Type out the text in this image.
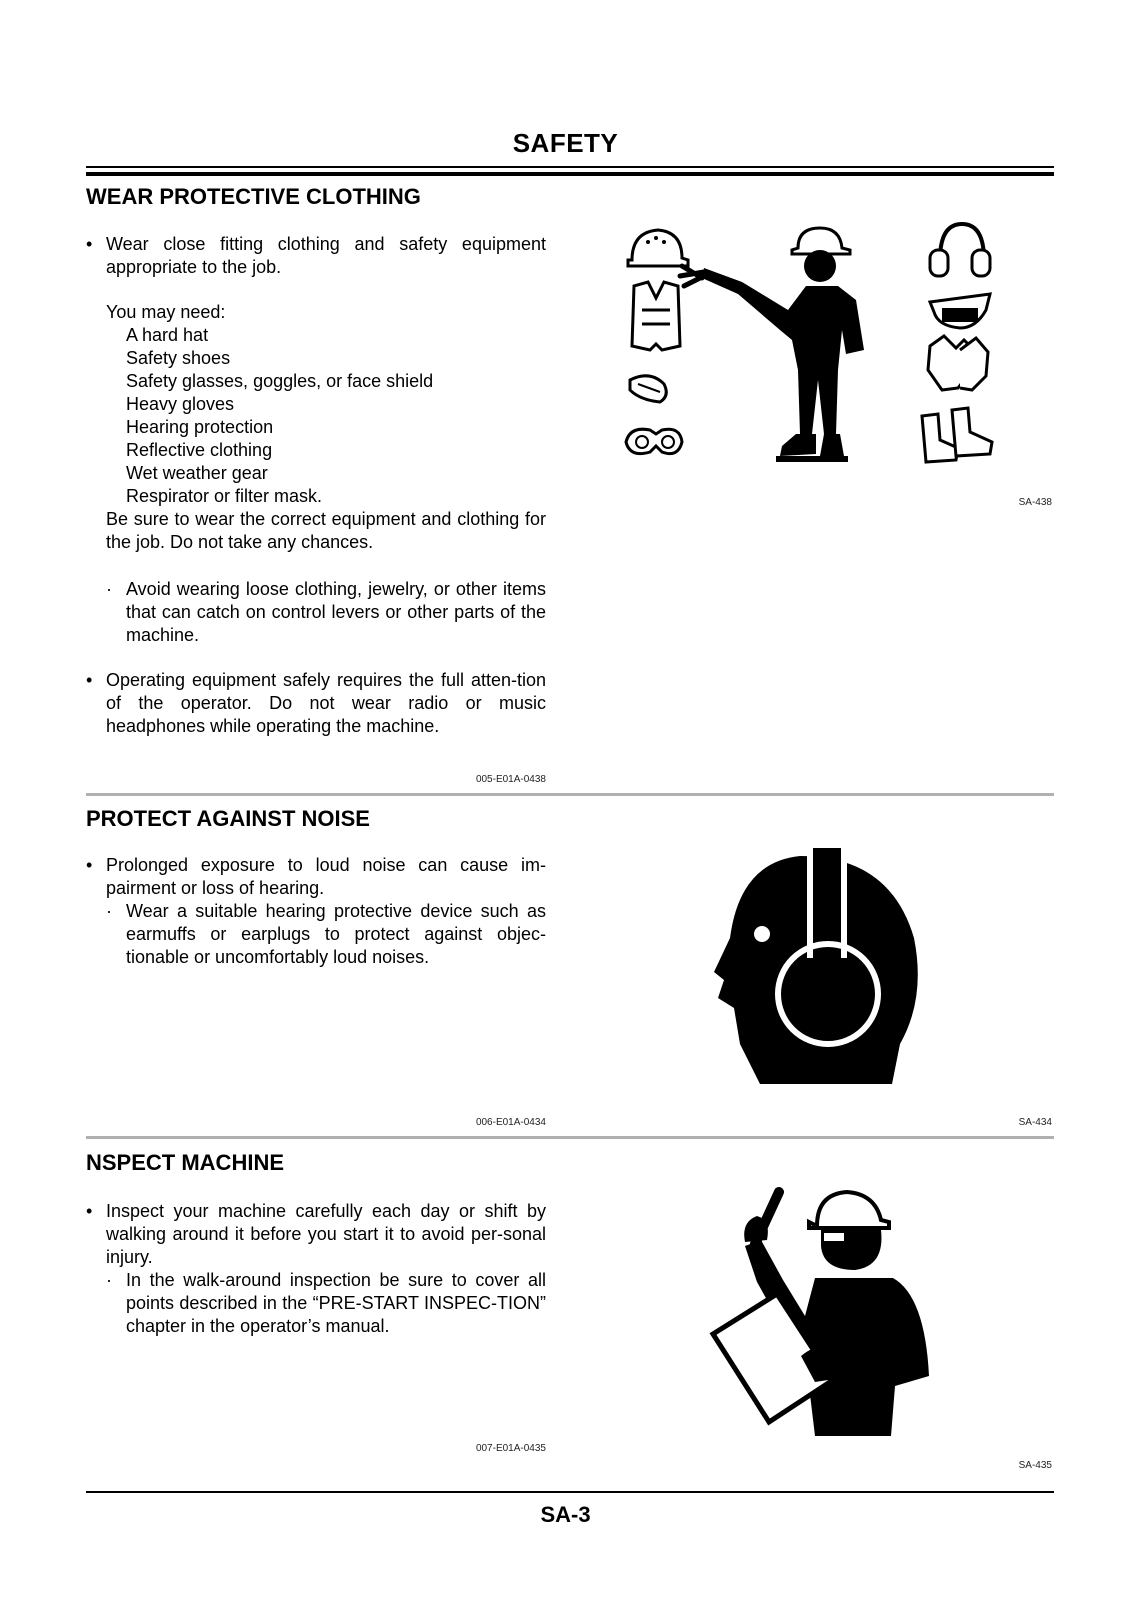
SAFETY
WEAR PROTECTIVE CLOTHING
• Wear close fitting clothing and safety equipment appropriate to the job.
You may need:
A hard hat
Safety shoes
Safety glasses, goggles, or face shield
Heavy gloves
Hearing protection
Reflective clothing
Wet weather gear
Respirator or filter mask.
Be sure to wear the correct equipment and clothing for the job. Do not take any chances.
· Avoid wearing loose clothing, jewelry, or other items that can catch on control levers or other parts of the machine.
• Operating equipment safely requires the full atten-tion of the operator. Do not wear radio or music headphones while operating the machine.
005-E01A-0438
SA-438
PROTECT AGAINST NOISE
• Prolonged exposure to loud noise can cause im-pairment or loss of hearing.
· Wear a suitable hearing protective device such as earmuffs or earplugs to protect against objec-tionable or uncomfortably loud noises.
006-E01A-0434	SA-434
NSPECT MACHINE
• Inspect your machine carefully each day or shift by walking around it before you start it to avoid per-sonal injury.
· In the walk-around inspection be sure to cover all points described in the “PRE-START INSPEC-TION” chapter in the operator’s manual.
007-E01A-0435
SA-435
SA-3
